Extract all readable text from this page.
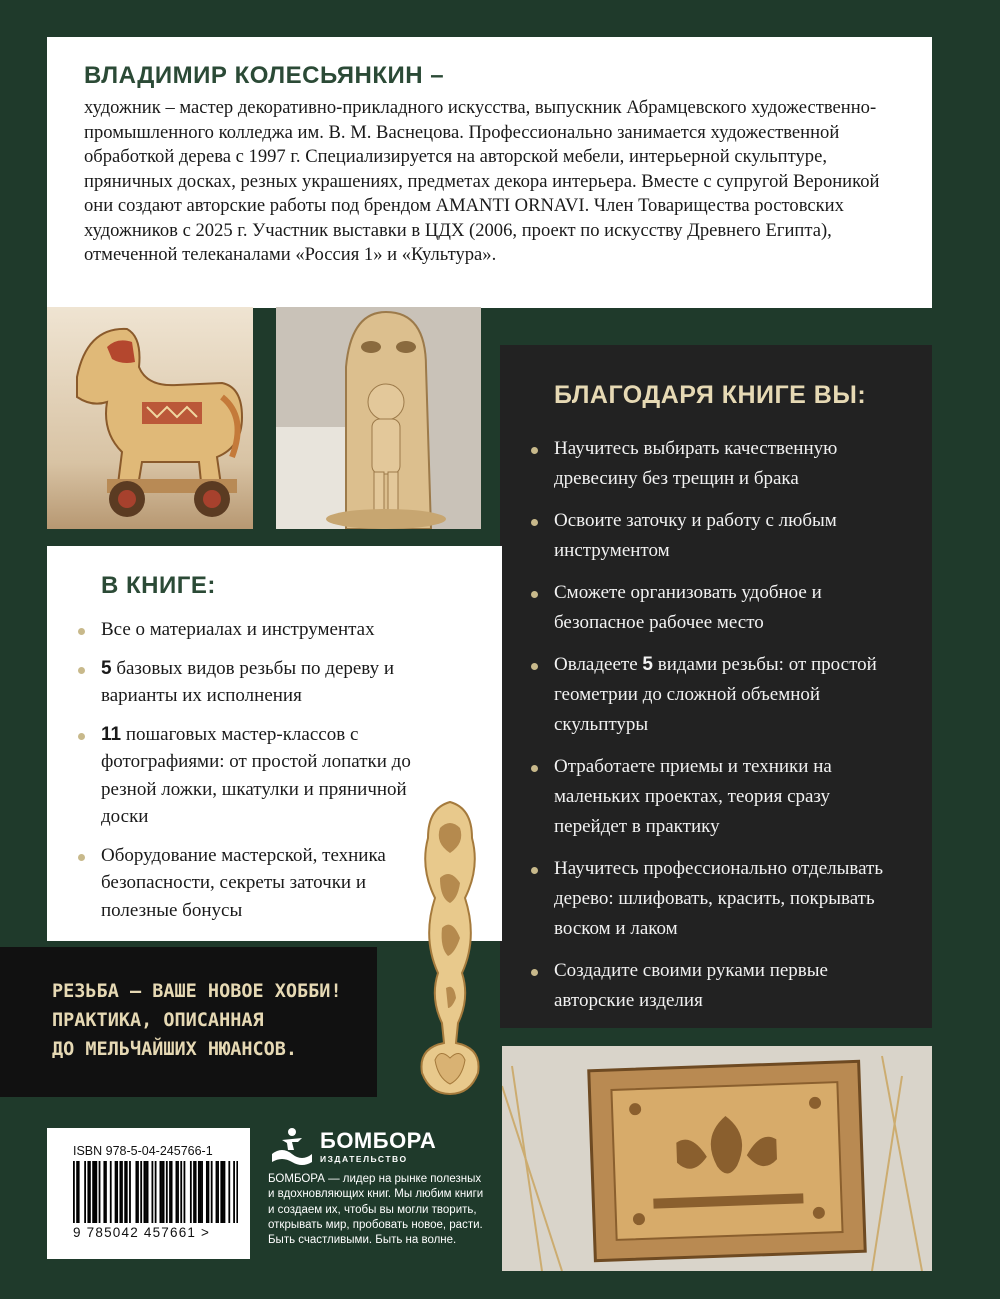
ВЛАДИМИР КОЛЕСЬЯНКИН –
художник – мастер декоративно-прикладного искусства, выпускник Абрамцевского художественно-промышленного колледжа им. В. М. Васнецова. Профессионально занимается художественной обработкой дерева с 1997 г. Специализируется на авторской мебели, интерьерной скульптуре, пряничных досках, резных украшениях, предметах декора интерьера. Вместе с супругой Вероникой они создают авторские работы под брендом AMANTI ORNAVI. Член Товарищества ростовских художников с 2025 г. Участник выставки в ЦДХ (2006, проект по искусству Древнего Египта), отмеченной телеканалами «Россия 1» и «Культура».
БЛАГОДАРЯ КНИГЕ ВЫ:
Научитесь выбирать качественную древесину без трещин и брака
Освоите заточку и работу с любым инструментом
Сможете организовать удобное и безопасное рабочее место
Овладеете 5 видами резьбы: от простой геометрии до сложной объемной скульптуры
Отработаете приемы и техники на маленьких проектах, теория сразу перейдет в практику
Научитесь профессионально отделывать дерево: шлифовать, красить, покрывать воском и лаком
Создадите своими руками первые авторские изделия
В КНИГЕ:
Все о материалах и инструментах
5 базовых видов резьбы по дереву и варианты их исполнения
11 пошаговых мастер-классов с фотографиями: от простой лопатки до резной ложки, шкатулки и пряничной доски
Оборудование мастерской, техника безопасности, секреты заточки и полезные бонусы
РЕЗЬБА — ВАШЕ НОВОЕ ХОББИ!
ПРАКТИКА, ОПИСАННАЯ
ДО МЕЛЬЧАЙШИХ НЮАНСОВ.
ISBN 978-5-04-245766-1
9 785042 457661 >
БОМБОРА
ИЗДАТЕЛЬСТВО
БОМБОРА — лидер на рынке полезных и вдохновляющих книг. Мы любим книги и создаем их, чтобы вы могли творить, открывать мир, пробовать новое, расти. Быть счастливыми. Быть на волне.
